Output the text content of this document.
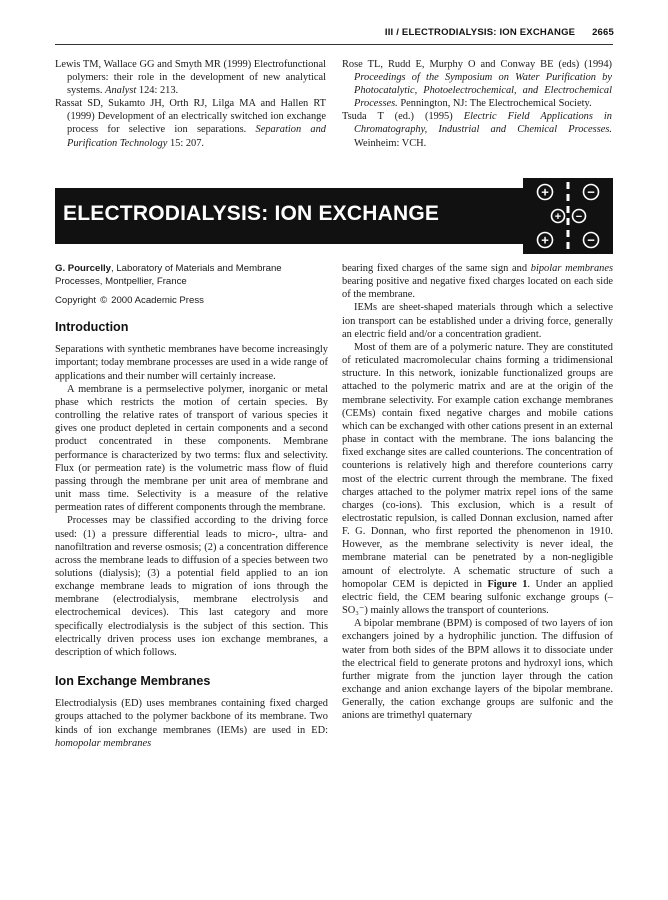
III / ELECTRODIALYSIS: ION EXCHANGE 2665

Lewis TM, Wallace GG and Smyth MR (1999) Electrofunctional polymers: their role in the development of new analytical systems. Analyst 124: 213.

Rassat SD, Sukamto JH, Orth RJ, Lilga MA and Hallen RT (1999) Development of an electrically switched ion exchange process for selective ion separations. Separation and Purification Technology 15: 207.

Rose TL, Rudd E, Murphy O and Conway BE (eds) (1994) Proceedings of the Symposium on Water Purification by Photocatalytic, Photoelectrochemical, and Electrochemical Processes. Pennington, NJ: The Electrochemical Society.

Tsuda T (ed.) (1995) Electric Field Applications in Chromatography, Industrial and Chemical Processes. Weinheim: VCH.

ELECTRODIALYSIS: ION EXCHANGE
+	−
+ −
+	−

G. Pourcelly, Laboratory of Materials and Membrane Processes, Montpellier, France

Copyright © 2000 Academic Press

Introduction

Separations with synthetic membranes have become increasingly important; today membrane processes are used in a wide range of applications and their number will certainly increase.

A membrane is a permselective polymer, inorganic or metal phase which restricts the motion of certain species. By controlling the relative rates of transport of various species it gives one product depleted in certain components and a second product concentrated in these components. Membrane performance is characterized by two terms: flux and selectivity. Flux (or permeation rate) is the volumetric mass flow of fluid passing through the membrane per unit area of membrane and unit mass time. Selectivity is a measure of the relative permeation rates of different components through the membrane.

Processes may be classified according to the driving force used: (1) a pressure differential leads to micro-, ultra- and nanofiltration and reverse osmosis; (2) a concentration difference across the membrane leads to diffusion of a species between two solutions (dialysis); (3) a potential field applied to an ion exchange membrane leads to migration of ions through the membrane (electrodialysis, membrane electrolysis and electrochemical devices). This last category and more specifically electrodialysis is the subject of this section. This electrically driven process uses ion exchange membranes, a description of which follows.

Ion Exchange Membranes

Electrodialysis (ED) uses membranes containing fixed charged groups attached to the polymer backbone of its membrane. Two kinds of ion exchange membranes (IEMs) are used in ED: homopolar membranes

bearing fixed charges of the same sign and bipolar membranes bearing positive and negative fixed charges located on each side of the membrane.

IEMs are sheet-shaped materials through which a selective ion transport can be established under a driving force, generally an electric field and/or a concentration gradient.

Most of them are of a polymeric nature. They are constituted of reticulated macromolecular chains forming a tridimensional structure. In this network, ionizable functionalized groups are attached to the polymeric matrix and are at the origin of the membrane selectivity. For example cation exchange membranes (CEMs) contain fixed negative charges and mobile cations which can be exchanged with other cations present in an external phase in contact with the membrane. The ions balancing the fixed exchange sites are called counterions. The concentration of counterions is relatively high and therefore counterions carry most of the electric current through the membrane. The fixed charges attached to the polymer matrix repel ions of the same charges (co-ions). This exclusion, which is a result of electrostatic repulsion, is called Donnan exclusion, named after F. G. Donnan, who first reported the phenomenon in 1910. However, as the membrane selectivity is never ideal, the membrane material can be penetrated by a non-negligible amount of electrolyte. A schematic structure of such a homopolar CEM is depicted in Figure 1. Under an applied electric field, the CEM bearing sulfonic exchange groups (–SO₃⁻) mainly allows the transport of counterions.

A bipolar membrane (BPM) is composed of two layers of ion exchangers joined by a hydrophilic junction. The diffusion of water from both sides of the BPM allows it to dissociate under the electrical field to generate protons and hydroxyl ions, which further migrate from the junction layer through the cation exchange and anion exchange layers of the bipolar membrane. Generally, the cation exchange groups are sulfonic and the anions are trimethyl quaternary
